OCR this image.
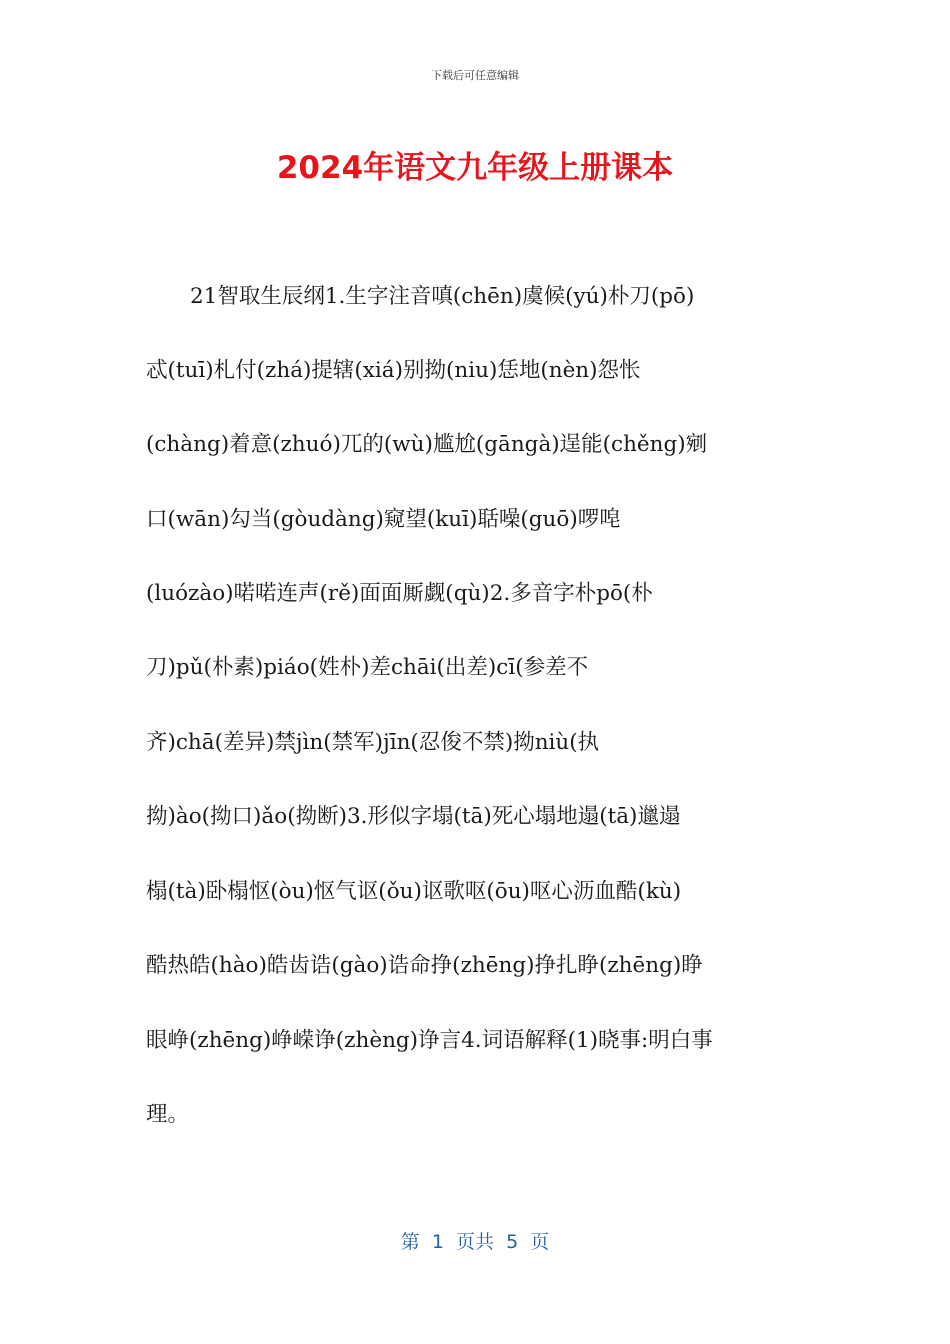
下载后可任意编辑
2024年语文九年级上册课本
21智取生辰纲1.生字注音嗔(chēn)虞候(yú)朴刀(pō)
忒(tuī)札付(zhá)提辖(xiá)别拗(niu)恁地(nèn)怨怅
(chàng)着意(zhuó)兀的(wù)尴尬(gāngà)逞能(chěng)剜
口(wān)勾当(gòudàng)窥望(kuī)聒噪(guō)啰唣
(luózào)喏喏连声(rě)面面厮觑(qù)2.多音字朴pō(朴
刀)pǔ(朴素)piáo(姓朴)差chāi(出差)cī(参差不
齐)chā(差异)禁jìn(禁军)jīn(忍俊不禁)拗niù(执
拗)ào(拗口)ǎo(拗断)3.形似字塌(tā)死心塌地遢(tā)邋遢
榻(tà)卧榻怄(òu)怄气讴(ǒu)讴歌呕(ōu)呕心沥血酷(kù)
酷热皓(hào)皓齿诰(gào)诰命挣(zhēng)挣扎睁(zhēng)睁
眼峥(zhēng)峥嵘诤(zhèng)诤言4.词语解释(1)晓事:明白事
理。
第  1  页共  5  页
